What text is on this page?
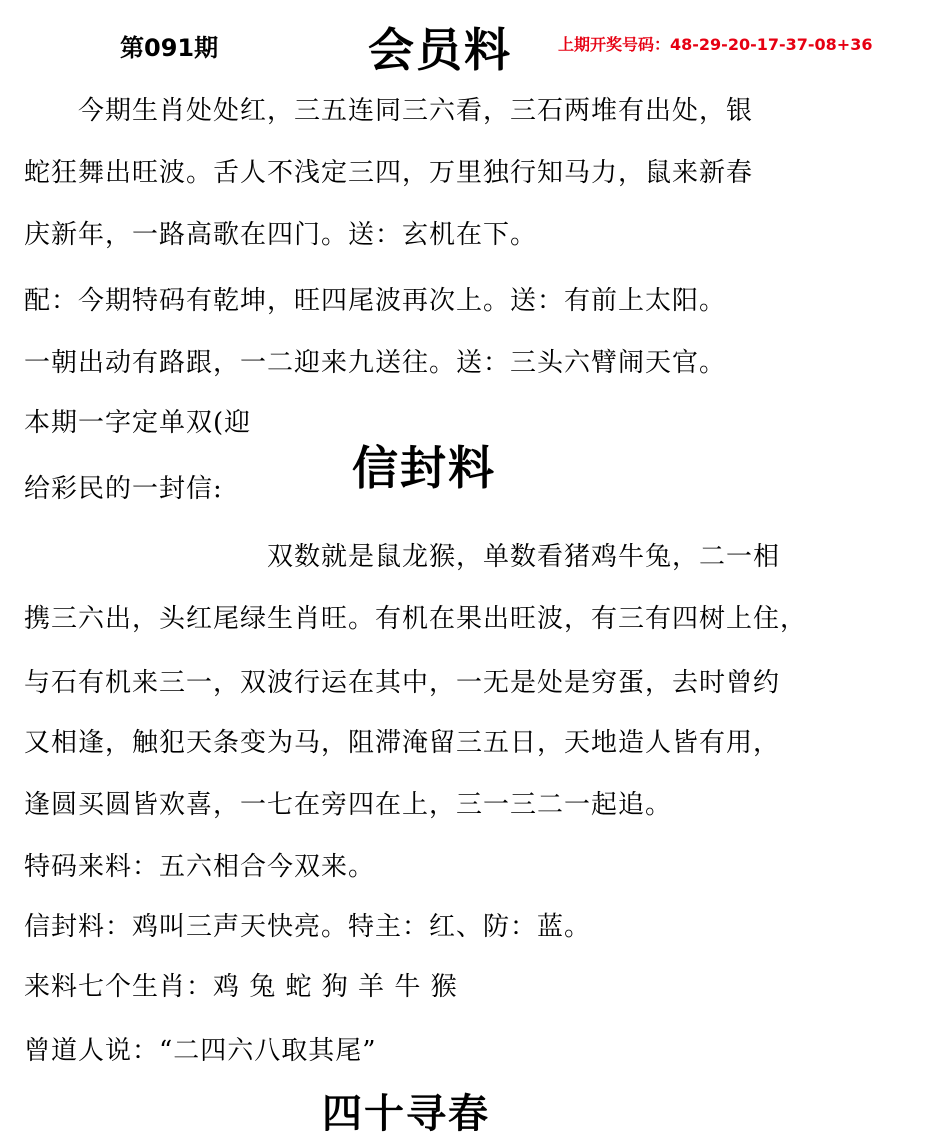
第091期	会员料	上期开奖号码：48-29-20-17-37-08+36
　　今期生肖处处红，三五连同三六看，三石两堆有出处，银
蛇狂舞出旺波。舌人不浅定三四，万里独行知马力，鼠来新春
庆新年，一路高歌在四门。送：玄机在下。
配：今期特码有乾坤，旺四尾波再次上。送：有前上太阳。
一朝出动有路跟，一二迎来九送往。送：三头六臂闹天官。
本期一字定单双(迎
给彩民的一封信:	信封料
　　　　　　　　　双数就是鼠龙猴，单数看猪鸡牛兔，二一相
携三六出，头红尾绿生肖旺。有机在果出旺波，有三有四树上住，
与石有机来三一，双波行运在其中，一无是处是穷蛋，去时曾约
又相逢，触犯天条变为马，阻滞淹留三五日，天地造人皆有用，
逢圆买圆皆欢喜，一七在旁四在上，三一三二一起追。
特码来料：五六相合今双来。
信封料：鸡叫三声天快亮。特主：红、防：蓝。
来料七个生肖：鸡 兔 蛇 狗 羊 牛 猴
曾道人说：“二四六八取其尾”
四十寻春
